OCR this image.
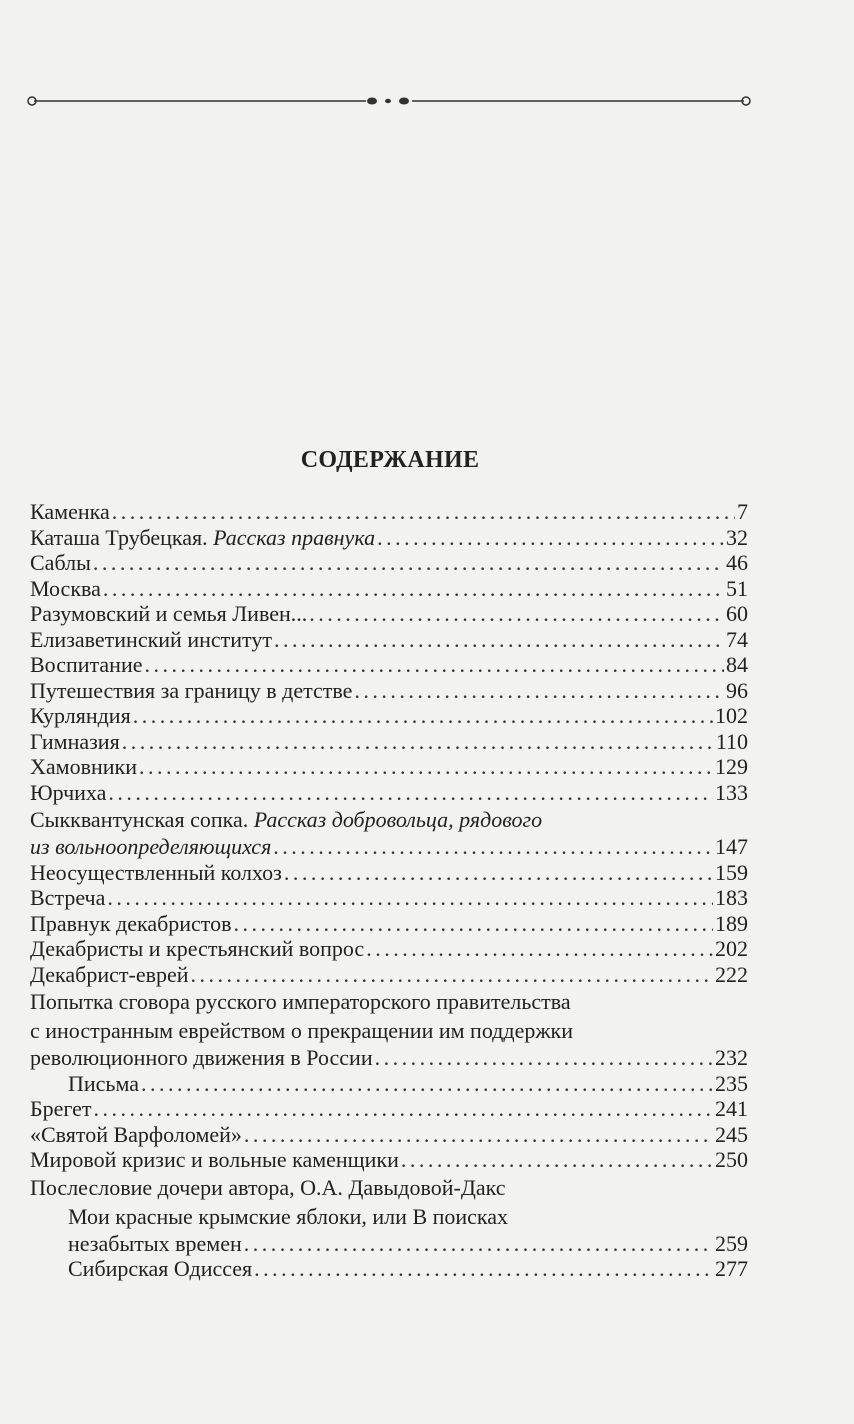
СОДЕРЖАНИЕ
Каменка . . .	7
Каташа Трубецкая. Рассказ правнука . . .	32
Саблы . . .	46
Москва . . .	51
Разумовский и семья Ливен... . . .	60
Елизаветинский институт . . .	74
Воспитание . . .	84
Путешествия за границу в детстве . . .	96
Курляндия . . .	102
Гимназия . . .	110
Хамовники . . .	129
Юрчиха . . .	133
Сыкквантунская сопка. Рассказ добровольца, рядового
из вольноопределяющихся . . .	147
Неосуществленный колхоз . . .	159
Встреча . . .	183
Правнук декабристов . . .	189
Декабристы и крестьянский вопрос . . .	202
Декабрист-еврей . . .	222
Попытка сговора русского императорского правительства
с иностранным еврейством о прекращении им поддержки
революционного движения в России . . .	232
Письма . . .	235
Брегет . . .	241
«Святой Варфоломей» . . .	245
Мировой кризис и вольные каменщики . . .	250
Послесловие дочери автора, О.А. Давыдовой-Дакс
Мои красные крымские яблоки, или В поисках
незабытых времен . . .	259
Сибирская Одиссея . . .	277
